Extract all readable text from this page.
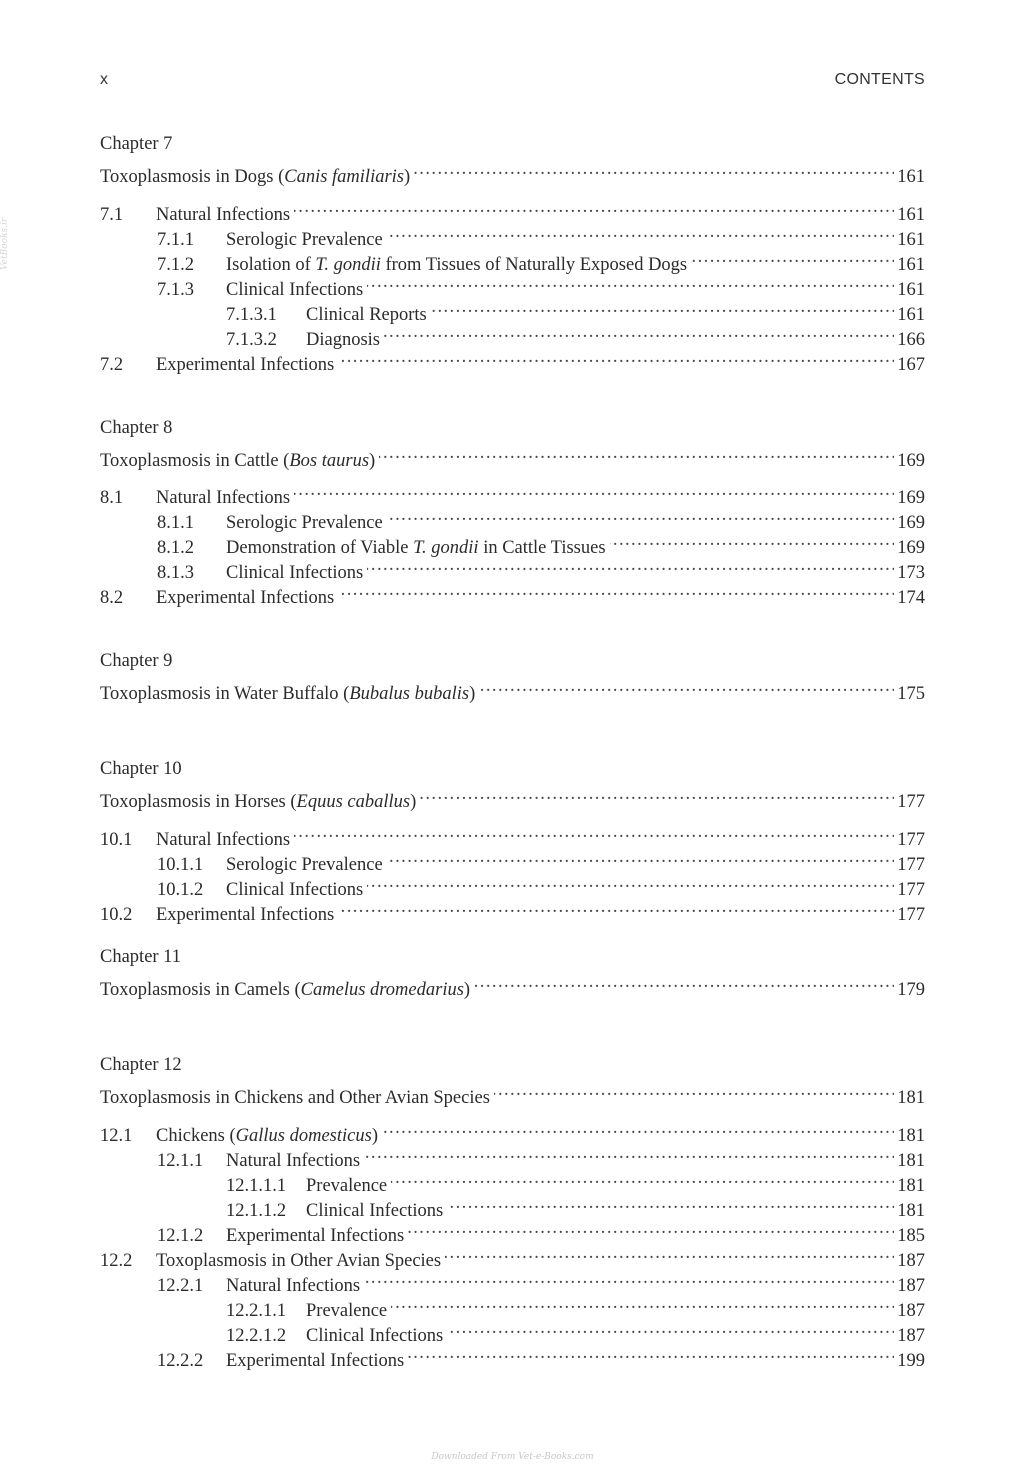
x	CONTENTS
VetBooks.ir
Downloaded From Vet-e-Books.com
Chapter 7
Toxoplasmosis in Dogs (Canis familiaris) . . .	161
7.1	Natural Infections . . .	161
7.1.1	Serologic Prevalence . . .	161
7.1.2	Isolation of T. gondii from Tissues of Naturally Exposed Dogs . . .	161
7.1.3	Clinical Infections . . .	161
7.1.3.1	Clinical Reports . . .	161
7.1.3.2	Diagnosis . . .	166
7.2	Experimental Infections . . .	167
Chapter 8
Toxoplasmosis in Cattle (Bos taurus) . . .	169
8.1	Natural Infections . . .	169
8.1.1	Serologic Prevalence . . .	169
8.1.2	Demonstration of Viable T. gondii in Cattle Tissues . . .	169
8.1.3	Clinical Infections . . .	173
8.2	Experimental Infections . . .	174
Chapter 9
Toxoplasmosis in Water Buffalo (Bubalus bubalis) . . .	175
Chapter 10
Toxoplasmosis in Horses (Equus caballus) . . .	177
10.1	Natural Infections . . .	177
10.1.1	Serologic Prevalence . . .	177
10.1.2	Clinical Infections . . .	177
10.2	Experimental Infections . . .	177
Chapter 11
Toxoplasmosis in Camels (Camelus dromedarius) . . .	179
Chapter 12
Toxoplasmosis in Chickens and Other Avian Species . . .	181
12.1	Chickens (Gallus domesticus) . . .	181
12.1.1	Natural Infections . . .	181
12.1.1.1	Prevalence . . .	181
12.1.1.2	Clinical Infections . . .	181
12.1.2	Experimental Infections . . .	185
12.2	Toxoplasmosis in Other Avian Species . . .	187
12.2.1	Natural Infections . . .	187
12.2.1.1	Prevalence . . .	187
12.2.1.2	Clinical Infections . . .	187
12.2.2	Experimental Infections . . .	199
